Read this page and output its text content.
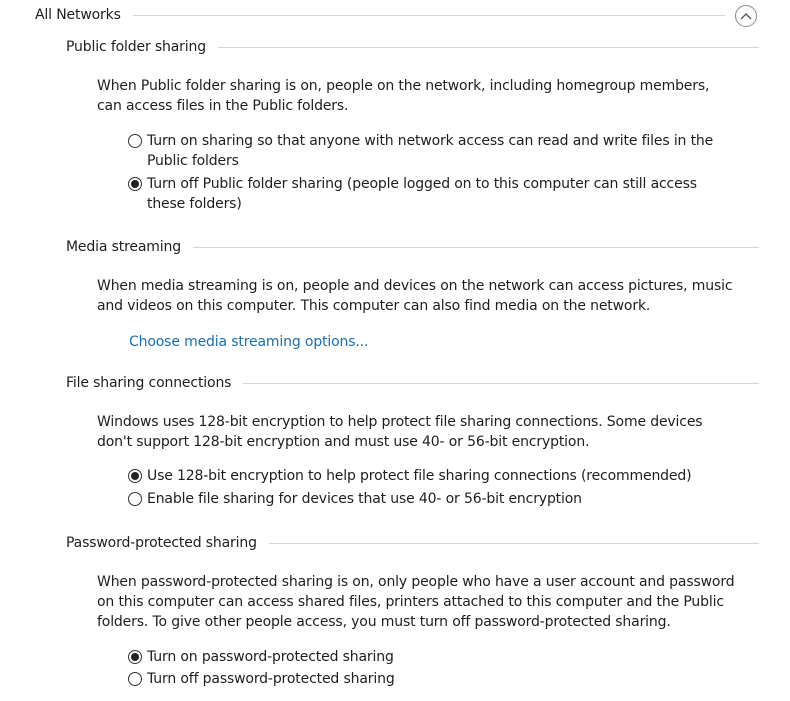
All Networks
Public folder sharing
When Public folder sharing is on, people on the network, including homegroup members, can access files in the Public folders.
Turn on sharing so that anyone with network access can read and write files in the Public folders
Turn off Public folder sharing (people logged on to this computer can still access these folders)
Media streaming
When media streaming is on, people and devices on the network can access pictures, music and videos on this computer. This computer can also find media on the network.
Choose media streaming options...
File sharing connections
Windows uses 128-bit encryption to help protect file sharing connections. Some devices don't support 128-bit encryption and must use 40- or 56-bit encryption.
Use 128-bit encryption to help protect file sharing connections (recommended)
Enable file sharing for devices that use 40- or 56-bit encryption
Password-protected sharing
When password-protected sharing is on, only people who have a user account and password on this computer can access shared files, printers attached to this computer and the Public folders. To give other people access, you must turn off password-protected sharing.
Turn on password-protected sharing
Turn off password-protected sharing
